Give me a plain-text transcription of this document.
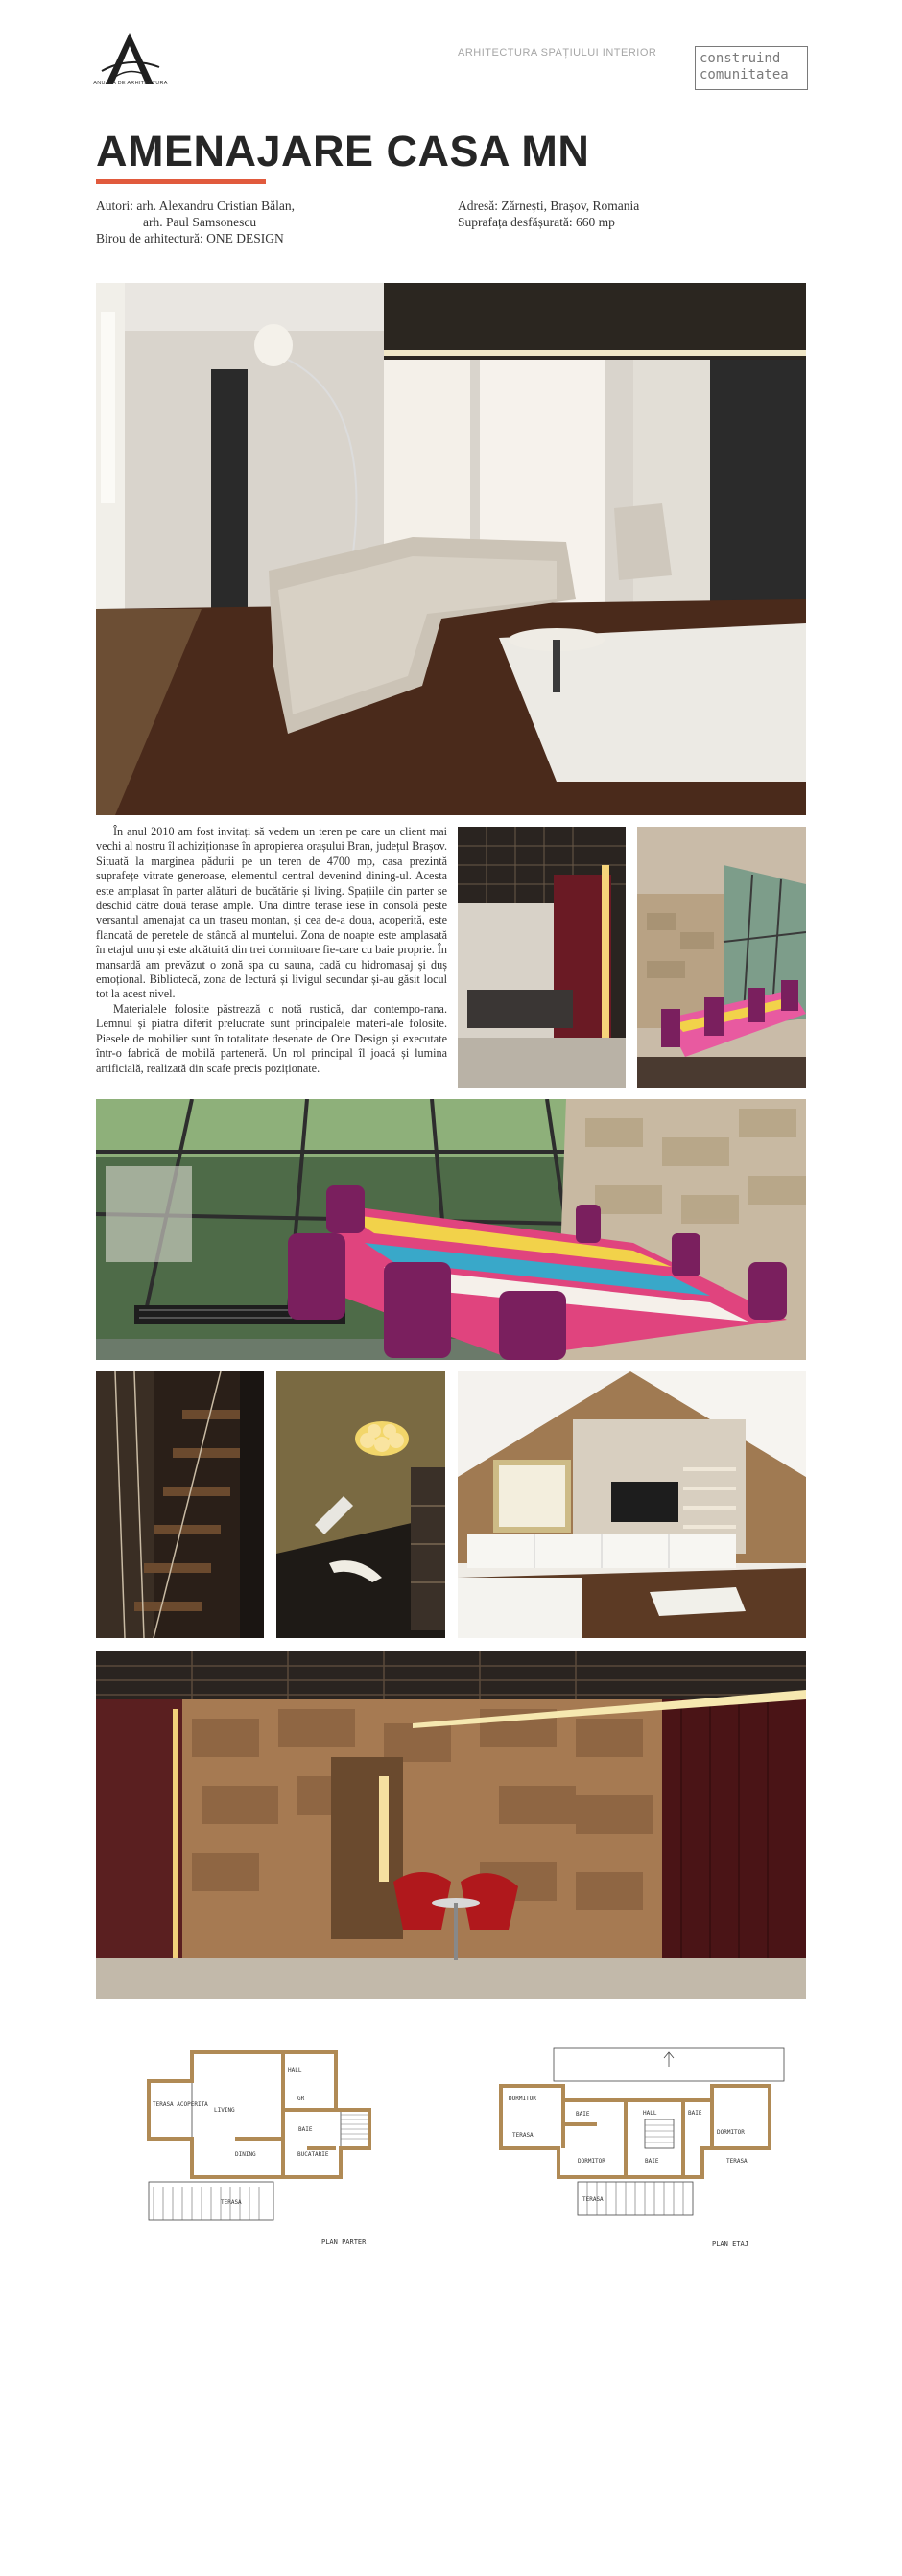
ANUALA DE ARHITECTURA
ARHITECTURA SPAȚIULUI INTERIOR	construind
comunitatea
AMENAJARE CASA MN
Autori: arh. Alexandru Cristian Bălan,
arh. Paul Samsonescu
Birou de arhitectură: ONE DESIGN
Adresă: Zărnești, Brașov, Romania
Suprafața desfășurată: 660 mp

În anul 2010 am fost invitați să vedem un teren pe care un client mai vechi al nostru îl achiziționase în apropierea orașului Bran, județul Brașov. Situată la marginea pădurii pe un teren de 4700 mp, casa prezintă suprafețe vitrate generoase, elementul central devenind dining-ul. Acesta este amplasat în parter alături de bucătărie și living. Spațiile din parter se deschid către două terase ample. Una dintre terase iese în consolă peste versantul amenajat ca un traseu montan, și cea de-a doua, acoperită, este flancată de peretele de stâncă al muntelui. Zona de noapte este amplasată în etajul unu și este alcătuită din trei dormitoare fie-care cu baie proprie. În mansardă am prevăzut o zonă spa cu sauna, cadă cu hidromasaj și duș emoțional. Bibliotecă, zona de lectură și livigul secundar și-au găsit locul tot la acest nivel.

Materialele folosite păstrează o notă rustică, dar contempo-rana. Lemnul și piatra diferit prelucrate sunt principalele materi-ale folosite. Piesele de mobilier sunt în totalitate desenate de One Design și executate într-o fabrică de mobilă parteneră. Un rol principal îl joacă și lumina artificială, realizată din scafe precis poziționate.

TERASA ACOPERITA
LIVING
DINING	BUCATARIE
TERASA
HALL
GR
BAIE
PLAN PARTER
DORMITOR
TERASA
HALL
BAIE
DORMITOR
DORMITOR
BAIE
BAIE
TERASA
TERASA
PLAN ETAJ
